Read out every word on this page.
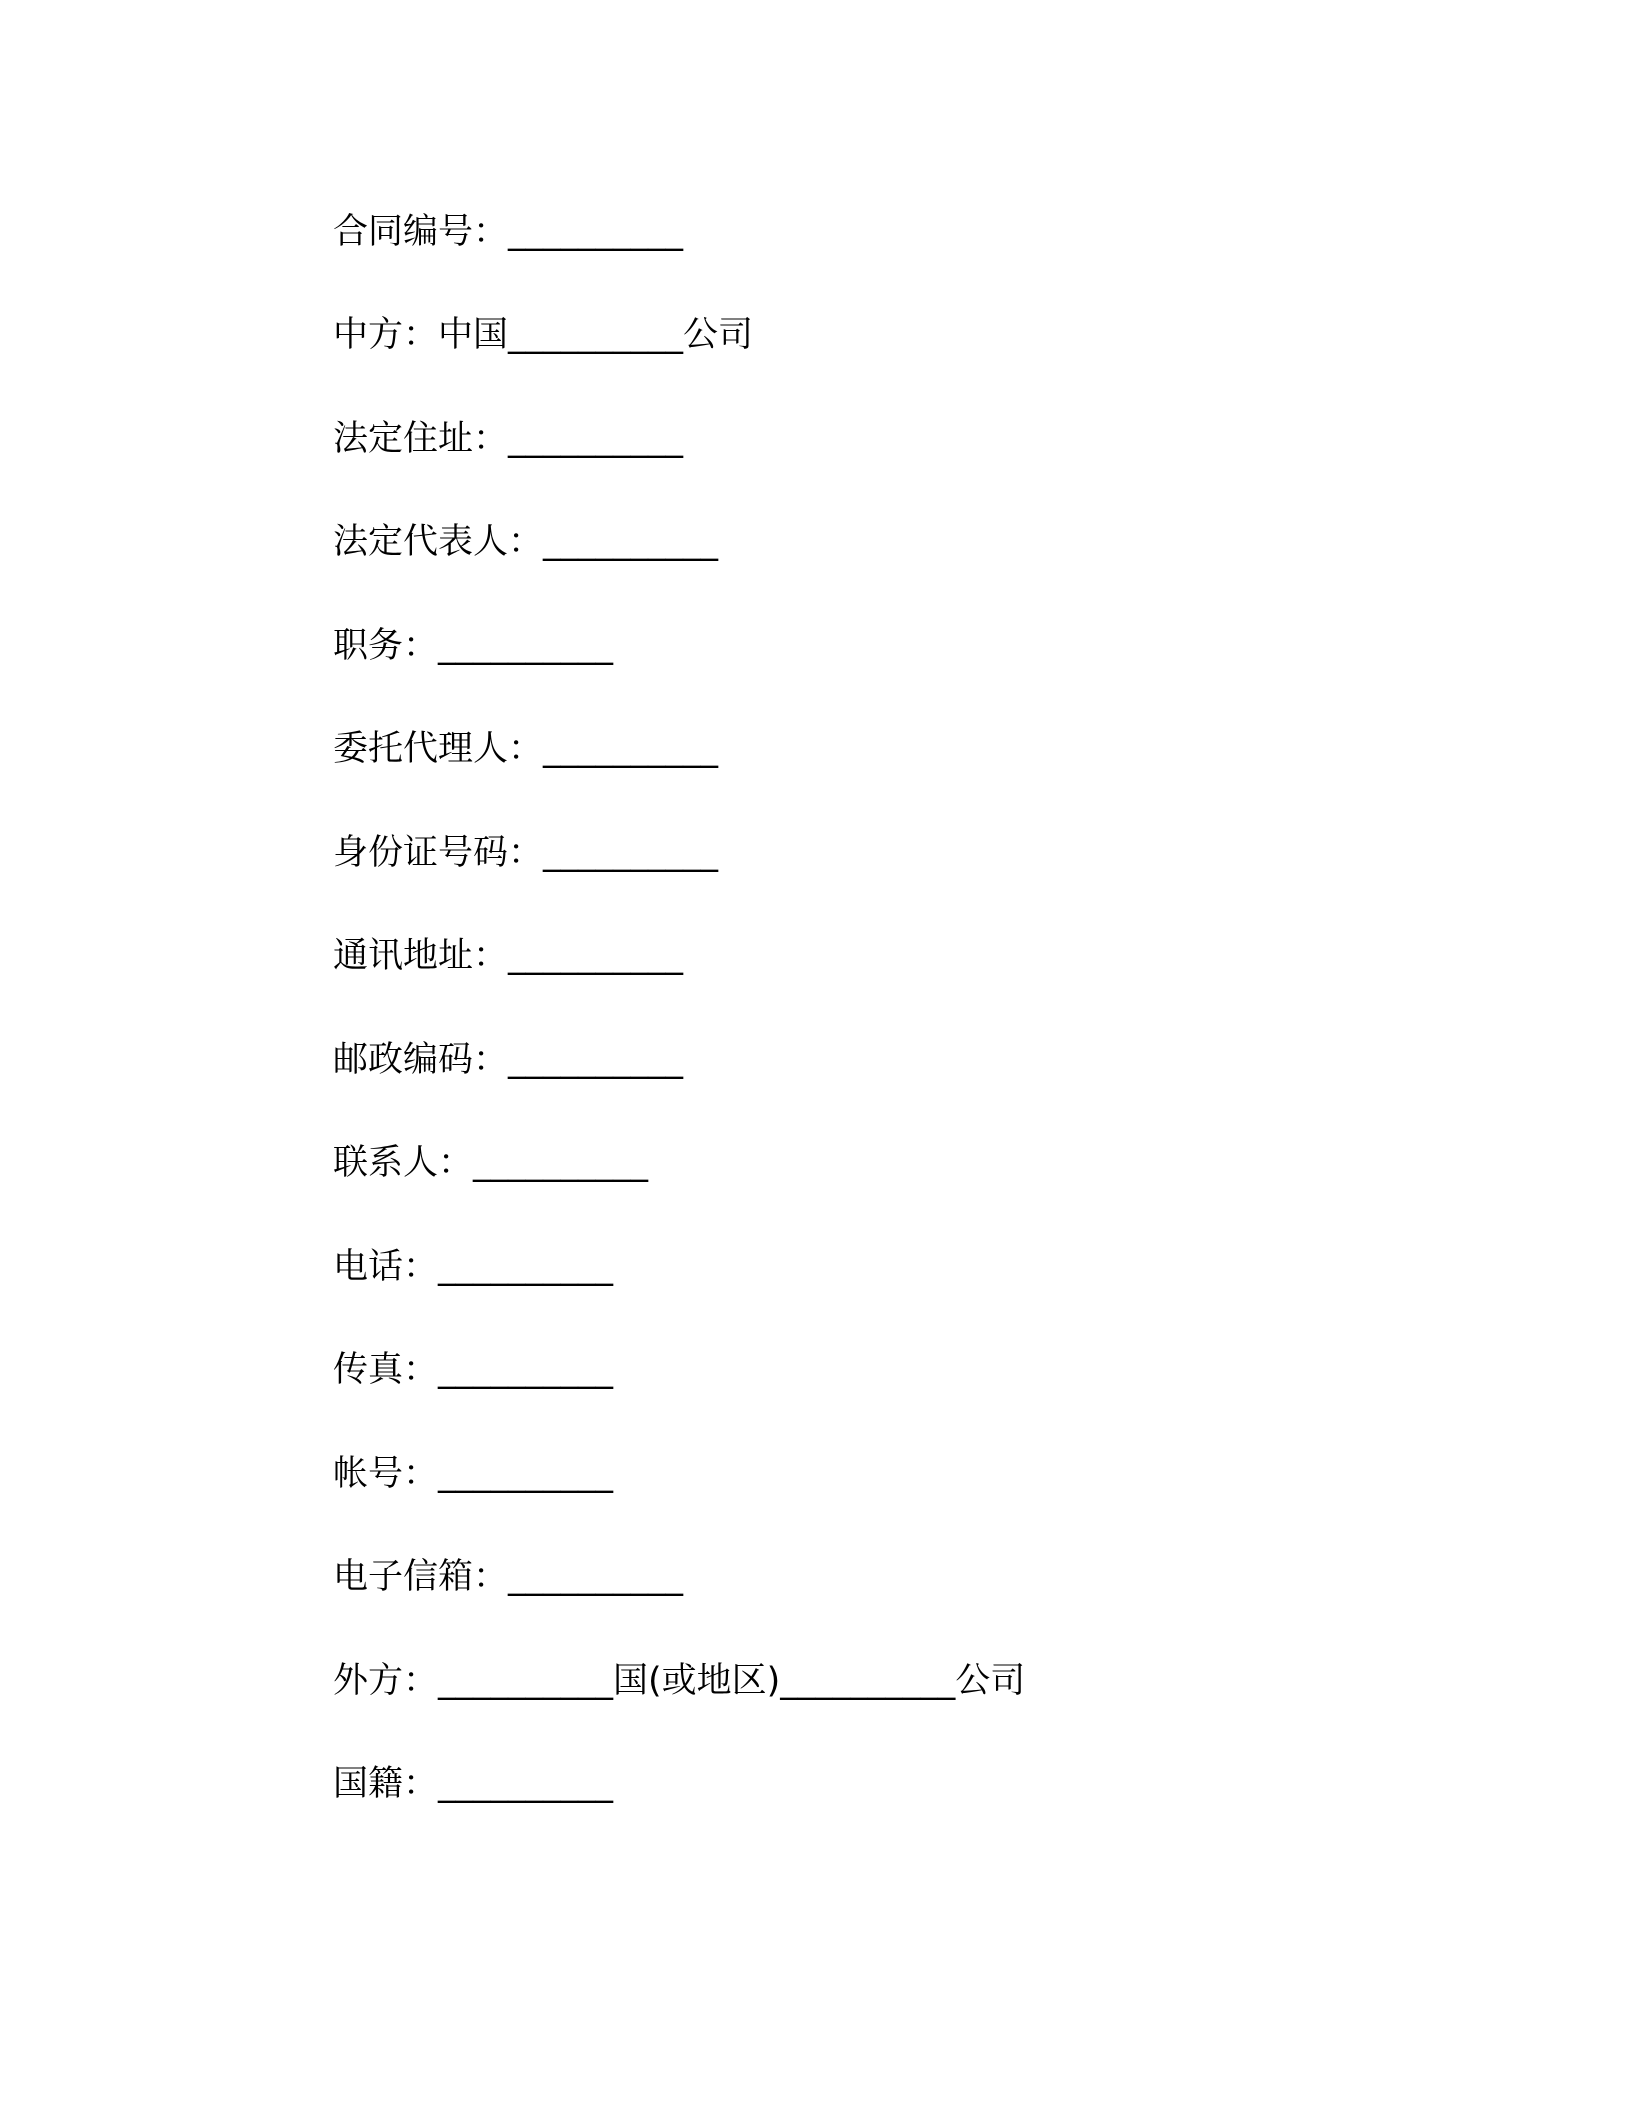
合同编号：__________
中方：中国__________公司
法定住址：__________
法定代表人：__________
职务：__________
委托代理人：__________
身份证号码：__________
通讯地址：__________
邮政编码：__________
联系人：__________
电话：__________
传真：__________
帐号：__________
电子信箱：__________
外方：__________国(或地区)__________公司
国籍：__________
